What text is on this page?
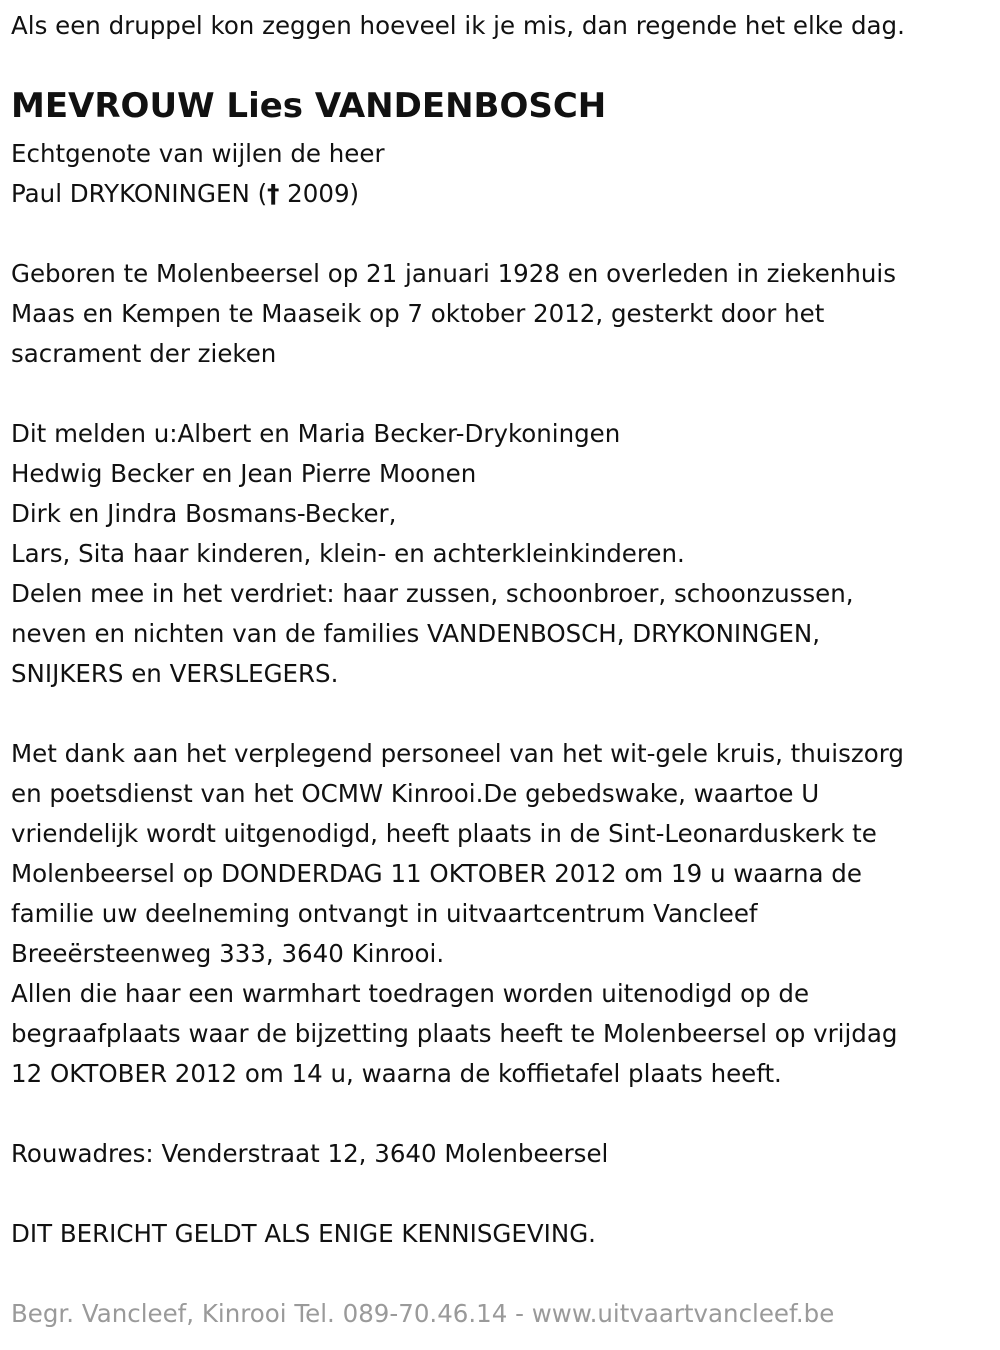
Als een druppel kon zeggen hoeveel ik je mis, dan regende het elke dag.
MEVROUW Lies VANDENBOSCH
Echtgenote van wijlen de heer
Paul DRYKONINGEN († 2009)
Geboren te Molenbeersel op 21 januari 1928 en overleden in ziekenhuis
Maas en Kempen te Maaseik op 7 oktober 2012, gesterkt door het
sacrament der zieken
Dit melden u:Albert en Maria Becker-Drykoningen
Hedwig Becker en Jean Pierre Moonen
Dirk en Jindra Bosmans-Becker,
Lars, Sita haar kinderen, klein- en achterkleinkinderen.
Delen mee in het verdriet: haar zussen, schoonbroer, schoonzussen,
neven en nichten van de families VANDENBOSCH, DRYKONINGEN,
SNIJKERS en VERSLEGERS.
Met dank aan het verplegend personeel van het wit-gele kruis, thuiszorg
en poetsdienst van het OCMW Kinrooi.De gebedswake, waartoe U
vriendelijk wordt uitgenodigd, heeft plaats in de Sint-Leonarduskerk te
Molenbeersel op DONDERDAG 11 OKTOBER 2012 om 19 u waarna de
familie uw deelneming ontvangt in uitvaartcentrum Vancleef
Breeërsteenweg 333, 3640 Kinrooi.
Allen die haar een warmhart toedragen worden uitenodigd op de
begraafplaats waar de bijzetting plaats heeft te Molenbeersel op vrijdag
12 OKTOBER 2012 om 14 u, waarna de koffietafel plaats heeft.
Rouwadres: Venderstraat 12, 3640 Molenbeersel
DIT BERICHT GELDT ALS ENIGE KENNISGEVING.
Begr. Vancleef, Kinrooi Tel. 089-70.46.14 - www.uitvaartvancleef.be
